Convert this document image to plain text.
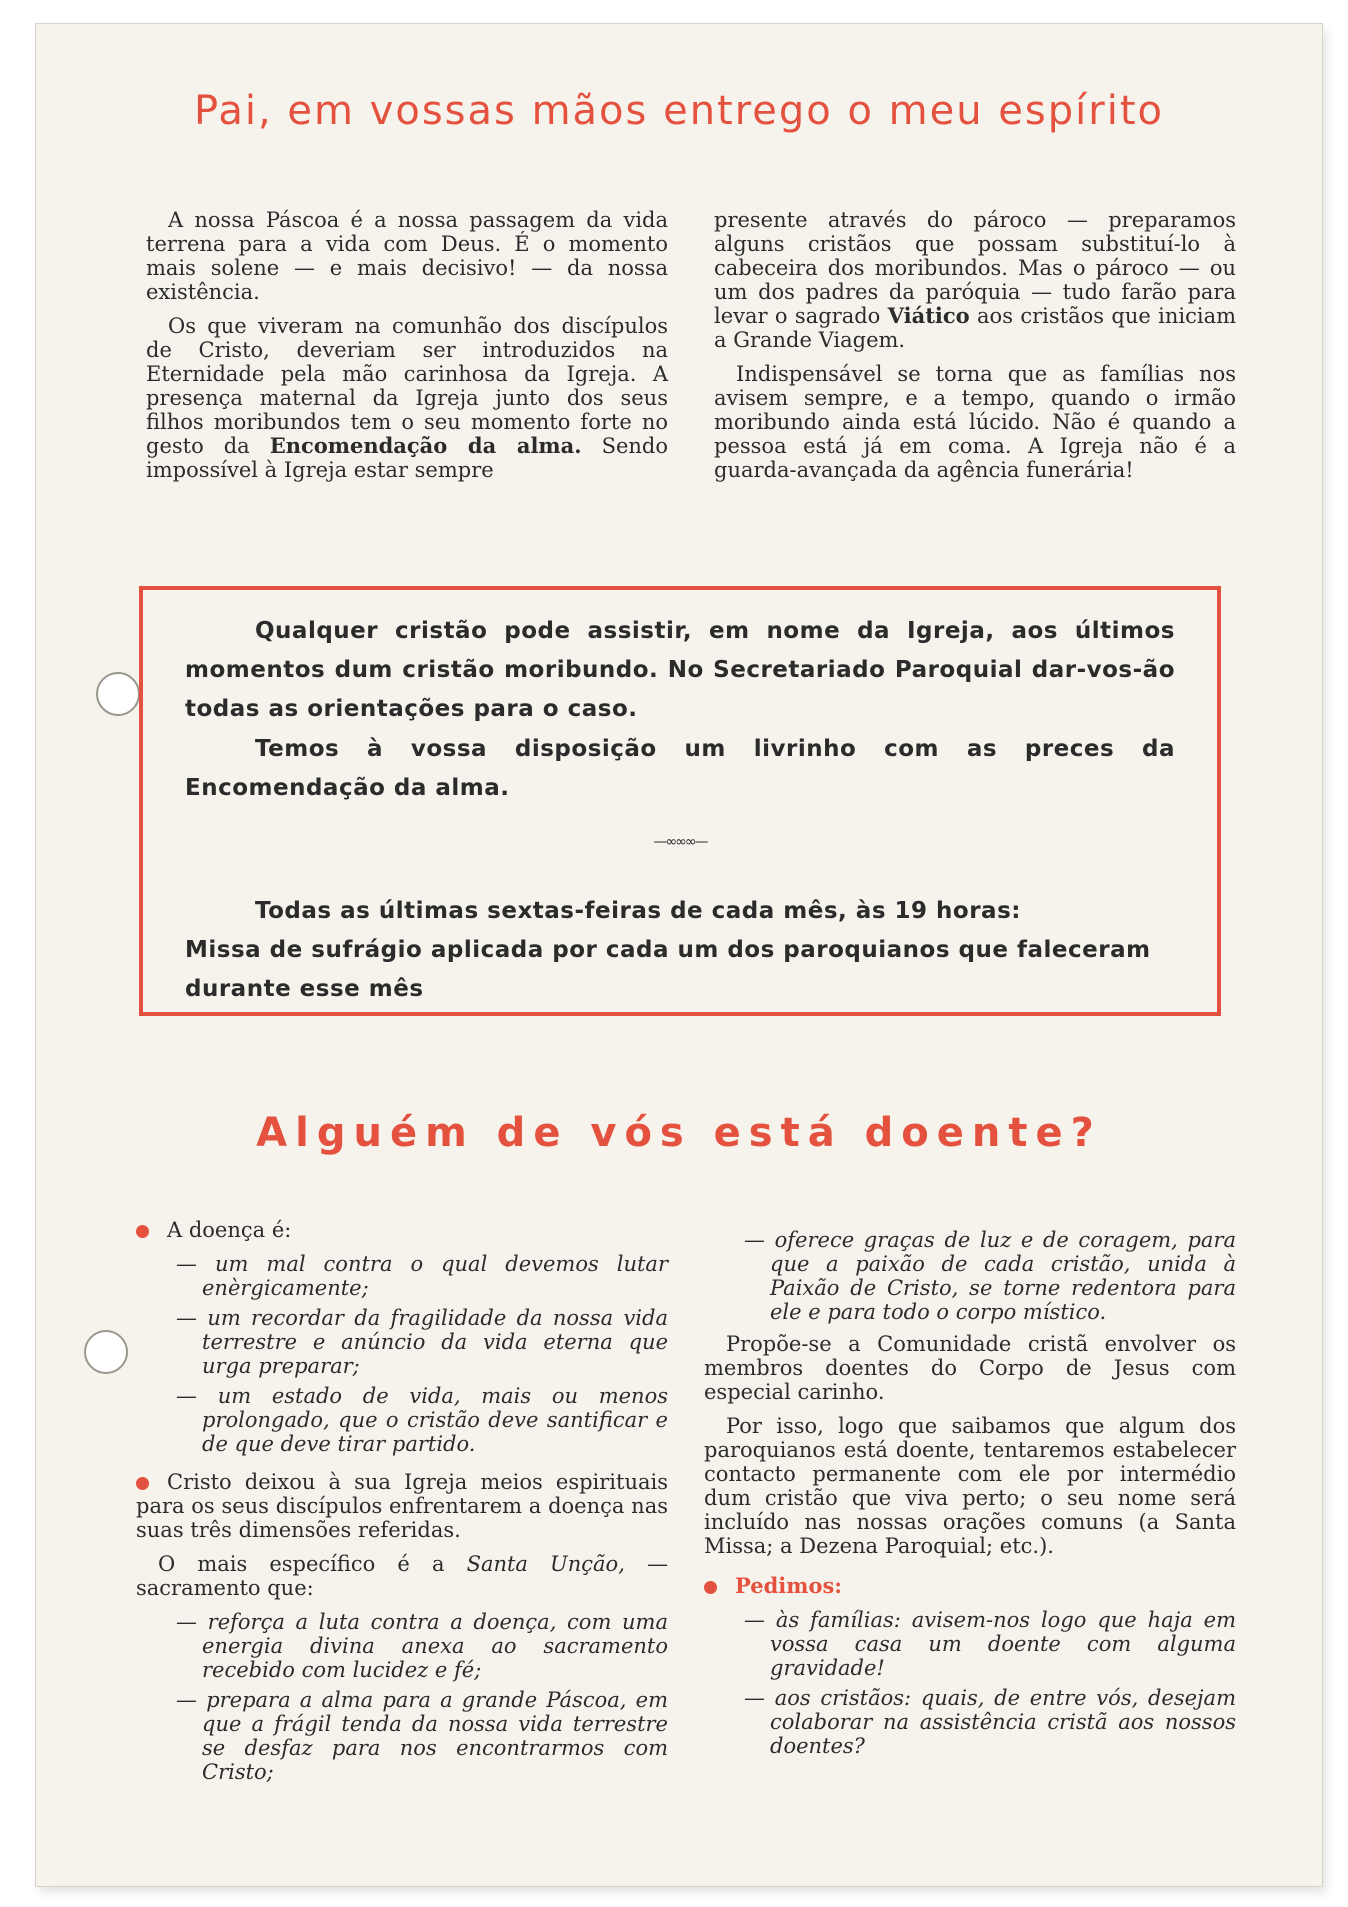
Pai, em vossas mãos entrego o meu espírito

A nossa Páscoa é a nossa passagem da vida terrena para a vida com Deus. É o momento mais solene — e mais decisivo! — da nossa existência.

Os que viveram na comunhão dos discípulos de Cristo, deveriam ser introduzidos na Eternidade pela mão carinhosa da Igreja. A presença maternal da Igreja junto dos seus filhos moribundos tem o seu momento forte no gesto da Encomendação da alma. Sendo impossível à Igreja estar sempre

presente através do pároco — preparamos alguns cristãos que possam substituí-lo à cabeceira dos moribundos. Mas o pároco — ou um dos padres da paróquia — tudo farão para levar o sagrado Viático aos cristãos que iniciam a Grande Viagem.

Indispensável se torna que as famílias nos avisem sempre, e a tempo, quando o irmão moribundo ainda está lúcido. Não é quando a pessoa está já em coma. A Igreja não é a guarda-avançada da agência funerária!

Qualquer cristão pode assistir, em nome da Igreja, aos últimos momentos dum cristão moribundo. No Secretariado Paroquial dar-vos-ão todas as orientações para o caso.
Temos à vossa disposição um livrinho com as preces da Encomendação da alma.
—∞∞∞—
Todas as últimas sextas-feiras de cada mês, às 19 horas:
Missa de sufrágio aplicada por cada um dos paroquianos que faleceram durante esse mês
Alguém de vós está doente?

A doença é:

— um mal contra o qual devemos lutar enèrgicamente;
— um recordar da fragilidade da nossa vida terrestre e anúncio da vida eterna que urga preparar;
— um estado de vida, mais ou menos prolongado, que o cristão deve santificar e de que deve tirar partido.

Cristo deixou à sua Igreja meios espirituais para os seus discípulos enfrentarem a doença nas suas três dimensões referidas.

O mais específico é a Santa Unção, — sacramento que:

— reforça a luta contra a doença, com uma energia divina anexa ao sacramento recebido com lucidez e fé;
— prepara a alma para a grande Páscoa, em que a frágil tenda da nossa vida terrestre se desfaz para nos encontrarmos com Cristo;
— oferece graças de luz e de coragem, para que a paixão de cada cristão, unida à Paixão de Cristo, se torne redentora para ele e para todo o corpo místico.

Propõe-se a Comunidade cristã envolver os membros doentes do Corpo de Jesus com especial carinho.

Por isso, logo que saibamos que algum dos paroquianos está doente, tentaremos estabelecer contacto permanente com ele por intermédio dum cristão que viva perto; o seu nome será incluído nas nossas orações comuns (a Santa Missa; a Dezena Paroquial; etc.).

Pedimos:

— às famílias: avisem-nos logo que haja em vossa casa um doente com alguma gravidade!
— aos cristãos: quais, de entre vós, desejam colaborar na assistência cristã aos nossos doentes?
